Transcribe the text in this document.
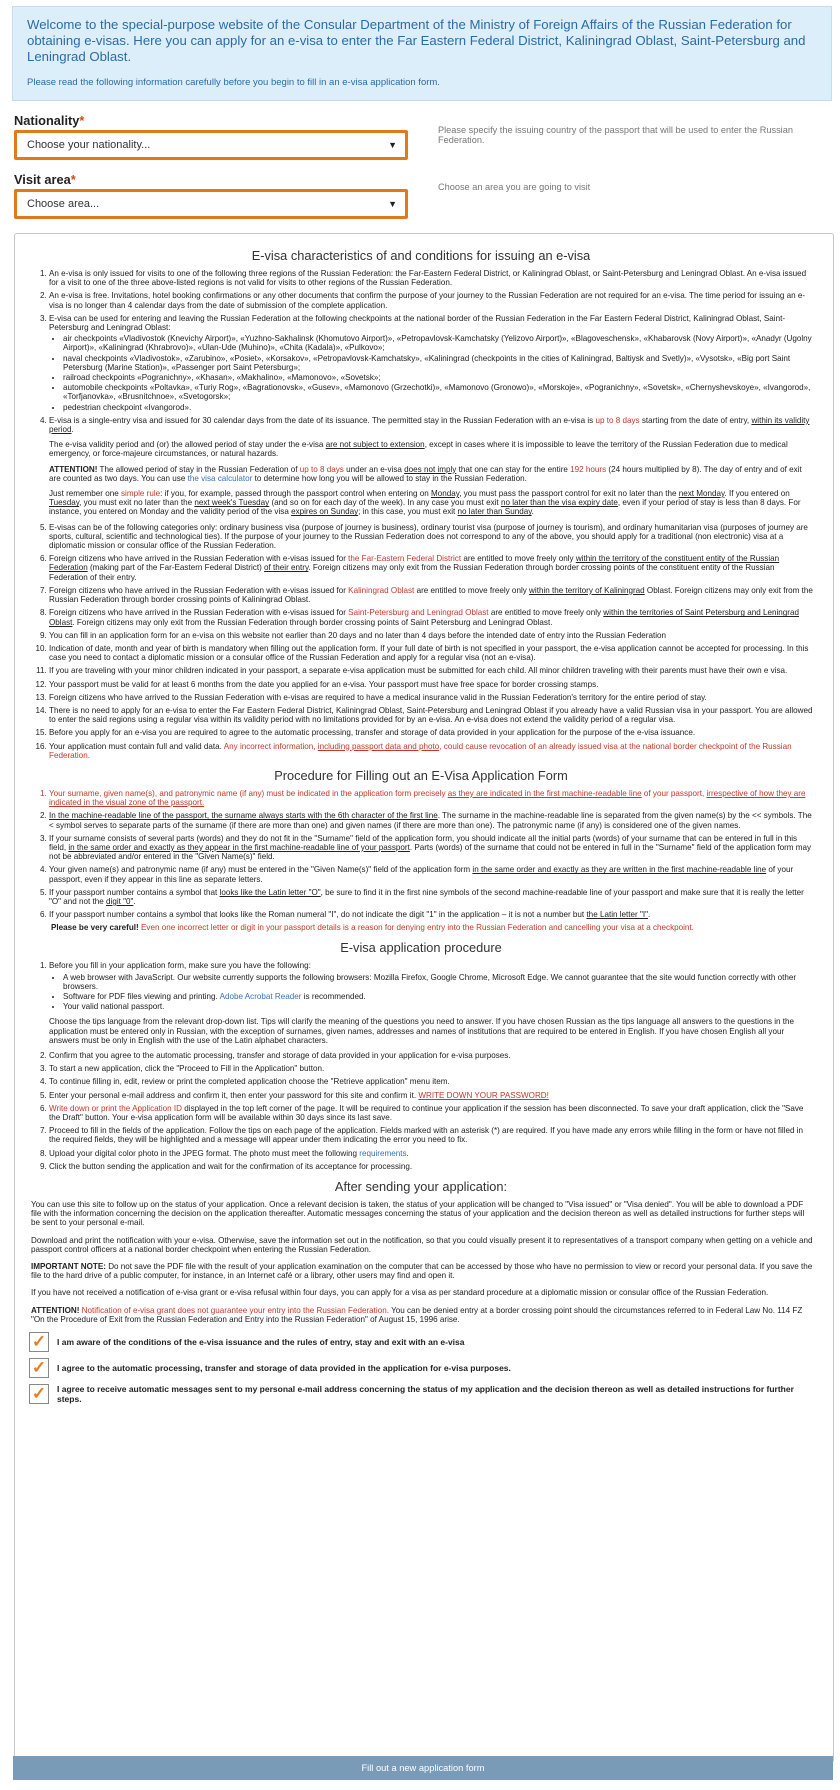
Welcome to the special-purpose website of the Consular Department of the Ministry of Foreign Affairs of the Russian Federation for obtaining e-visas. Here you can apply for an e-visa to enter the Far Eastern Federal District, Kaliningrad Oblast, Saint-Petersburg and Leningrad Oblast.
Please read the following information carefully before you begin to fill in an e-visa application form.
Nationality*
Choose your nationality...	▼
Please specify the issuing country of the passport that will be used to enter the Russian Federation.
Visit area*
Choose area...	▼
Choose an area you are going to visit
E-visa characteristics of and conditions for issuing an e-visa
1. An e-visa is only issued for visits to one of the following three regions of the Russian Federation: the Far-Eastern Federal District, or Kaliningrad Oblast, or Saint-Petersburg and Leningrad Oblast. An e-visa issued for a visit to one of the three above-listed regions is not valid for visits to other regions of the Russian Federation.
2. An e-visa is free. Invitations, hotel booking confirmations or any other documents that confirm the purpose of your journey to the Russian Federation are not required for an e-visa. The time period for issuing an e-visa is no longer than 4 calendar days from the date of submission of the complete application.
3. E-visa can be used for entering and leaving the Russian Federation at the following checkpoints at the national border of the Russian Federation in the Far Eastern Federal District, Kaliningrad Oblast, Saint-Petersburg and Leningrad Oblast:
• air checkpoints «Vladivostok (Knevichy Airport)», «Yuzhno-Sakhalinsk (Khomutovo Airport)», «Petropavlovsk-Kamchatsky (Yelizovo Airport)», «Blagoveschensk», «Khabarovsk (Novy Airport)», «Anadyr (Ugolny Airport)», «Kaliningrad (Khrabrovo)», «Ulan-Ude (Muhino)», «Chita (Kadala)», «Pulkovo»;
• naval checkpoints «Vladivostok», «Zarubino», «Posiet», «Korsakov», «Petropavlovsk-Kamchatsky», «Kaliningrad (checkpoints in the cities of Kaliningrad, Baltiysk and Svetly)», «Vysotsk», «Big port Saint Petersburg (Marine Station)», «Passenger port Saint Petersburg»;
• railroad checkpoints «Pogranichny», «Khasan», «Makhalino», «Mamonovo», «Sovetsk»;
• automobile checkpoints «Poltavka», «Turiy Rog», «Bagrationovsk», «Gusev», «Mamonovo (Grzechotki)», «Mamonovo (Gronowo)», «Morskoje», «Pogranichny», «Sovetsk», «Chernyshevskoye», «Ivangorod», «Torfjanovka», «Brusnitchnoe», «Svetogorsk»;
• pedestrian checkpoint «Ivangorod».
4. E-visa is a single-entry visa and issued for 30 calendar days from the date of its issuance. The permitted stay in the Russian Federation with an e-visa is up to 8 days starting from the date of entry, within its validity period.
The e-visa validity period and (or) the allowed period of stay under the e-visa are not subject to extension, except in cases where it is impossible to leave the territory of the Russian Federation due to medical emergency, or force-majeure circumstances, or natural hazards.
ATTENTION! The allowed period of stay in the Russian Federation of up to 8 days under an e-visa does not imply that one can stay for the entire 192 hours (24 hours multiplied by 8). The day of entry and of exit are counted as two days. You can use the visa calculator to determine how long you will be allowed to stay in the Russian Federation.
Just remember one simple rule: if you, for example, passed through the passport control when entering on Monday, you must pass the passport control for exit no later than the next Monday. If you entered on Tuesday, you must exit no later than the next week's Tuesday (and so on for each day of the week). In any case you must exit no later than the visa expiry date, even if your period of stay is less than 8 days. For instance, you entered on Monday and the validity period of the visa expires on Sunday; in this case, you must exit no later than Sunday.
5. E-visas can be of the following categories only: ordinary business visa (purpose of journey is business), ordinary tourist visa (purpose of journey is tourism), and ordinary humanitarian visa (purposes of journey are sports, cultural, scientific and technological ties). If the purpose of your journey to the Russian Federation does not correspond to any of the above, you should apply for a traditional (non electronic) visa at a diplomatic mission or consular office of the Russian Federation.
6. Foreign citizens who have arrived in the Russian Federation with e-visas issued for the Far-Eastern Federal District are entitled to move freely only within the territory of the constituent entity of the Russian Federation (making part of the Far-Eastern Federal District) of their entry. Foreign citizens may only exit from the Russian Federation through border crossing points of the constituent entity of the Russian Federation of their entry.
7. Foreign citizens who have arrived in the Russian Federation with e-visas issued for Kaliningrad Oblast are entitled to move freely only within the territory of Kaliningrad Oblast. Foreign citizens may only exit from the Russian Federation through border crossing points of Kaliningrad Oblast.
8. Foreign citizens who have arrived in the Russian Federation with e-visas issued for Saint-Petersburg and Leningrad Oblast are entitled to move freely only within the territories of Saint Petersburg and Leningrad Oblast. Foreign citizens may only exit from the Russian Federation through border crossing points of Saint Petersburg and Leningrad Oblast.
9. You can fill in an application form for an e-visa on this website not earlier than 20 days and no later than 4 days before the intended date of entry into the Russian Federation
10. Indication of date, month and year of birth is mandatory when filling out the application form. If your full date of birth is not specified in your passport, the e-visa application cannot be accepted for processing. In this case you need to contact a diplomatic mission or a consular office of the Russian Federation and apply for a regular visa (not an e-visa).
11. If you are traveling with your minor children indicated in your passport, a separate e-visa application must be submitted for each child. All minor children traveling with their parents must have their own e visa.
12. Your passport must be valid for at least 6 months from the date you applied for an e-visa. Your passport must have free space for border crossing stamps.
13. Foreign citizens who have arrived to the Russian Federation with e-visas are required to have a medical insurance valid in the Russian Federation's territory for the entire period of stay.
14. There is no need to apply for an e-visa to enter the Far Eastern Federal District, Kaliningrad Oblast, Saint-Petersburg and Leningrad Oblast if you already have a valid Russian visa in your passport. You are allowed to enter the said regions using a regular visa within its validity period with no limitations provided for by an e-visa. An e-visa does not extend the validity period of a regular visa.
15. Before you apply for an e-visa you are required to agree to the automatic processing, transfer and storage of data provided in your application for the purpose of the e-visa issuance.
16. Your application must contain full and valid data. Any incorrect information, including passport data and photo, could cause revocation of an already issued visa at the national border checkpoint of the Russian Federation.
Procedure for Filling out an E-Visa Application Form
1. Your surname, given name(s), and patronymic name (if any) must be indicated in the application form precisely as they are indicated in the first machine-readable line of your passport, irrespective of how they are indicated in the visual zone of the passport.
2. In the machine-readable line of the passport, the surname always starts with the 6th character of the first line. The surname in the machine-readable line is separated from the given name(s) by the << symbols. The < symbol serves to separate parts of the surname (if there are more than one) and given names (if there are more than one). The patronymic name (if any) is considered one of the given names.
3. If your surname consists of several parts (words) and they do not fit in the "Surname" field of the application form, you should indicate all the initial parts (words) of your surname that can be entered in full in this field, in the same order and exactly as they appear in the first machine-readable line of your passport. Parts (words) of the surname that could not be entered in full in the "Surname" field of the application form may not be abbreviated and/or entered in the "Given Name(s)" field.
4. Your given name(s) and patronymic name (if any) must be entered in the "Given Name(s)" field of the application form in the same order and exactly as they are written in the first machine-readable line of your passport, even if they appear in this line as separate letters.
5. If your passport number contains a symbol that looks like the Latin letter "O", be sure to find it in the first nine symbols of the second machine-readable line of your passport and make sure that it is really the letter "O" and not the digit "0".
6. If your passport number contains a symbol that looks like the Roman numeral "I", do not indicate the digit "1" in the application – it is not a number but the Latin letter "I".
Please be very careful! Even one incorrect letter or digit in your passport details is a reason for denying entry into the Russian Federation and cancelling your visa at a checkpoint.
E-visa application procedure
1. Before you fill in your application form, make sure you have the following:
• A web browser with JavaScript. Our website currently supports the following browsers: Mozilla Firefox, Google Chrome, Microsoft Edge. We cannot guarantee that the site would function correctly with other browsers.
• Software for PDF files viewing and printing. Adobe Acrobat Reader is recommended.
• Your valid national passport.
Choose the tips language from the relevant drop-down list. Tips will clarify the meaning of the questions you need to answer. If you have chosen Russian as the tips language all answers to the questions in the application must be entered only in Russian, with the exception of surnames, given names, addresses and names of institutions that are required to be entered in English. If you have chosen English all your answers must be only in English with the use of the Latin alphabet characters.
2. Confirm that you agree to the automatic processing, transfer and storage of data provided in your application for e-visa purposes.
3. To start a new application, click the "Proceed to Fill in the Application" button.
4. To continue filling in, edit, review or print the completed application choose the "Retrieve application" menu item.
5. Enter your personal e-mail address and confirm it, then enter your password for this site and confirm it. WRITE DOWN YOUR PASSWORD!
6. Write down or print the Application ID displayed in the top left corner of the page. It will be required to continue your application if the session has been disconnected. To save your draft application, click the "Save the Draft" button. Your e-visa application form will be available within 30 days since its last save.
7. Proceed to fill in the fields of the application. Follow the tips on each page of the application. Fields marked with an asterisk (*) are required. If you have made any errors while filling in the form or have not filled in the required fields, they will be highlighted and a message will appear under them indicating the error you need to fix.
8. Upload your digital color photo in the JPEG format. The photo must meet the following requirements.
9. Click the button sending the application and wait for the confirmation of its acceptance for processing.
After sending your application:
You can use this site to follow up on the status of your application. Once a relevant decision is taken, the status of your application will be changed to "Visa issued" or "Visa denied". You will be able to download a PDF file with the information concerning the decision on the application thereafter. Automatic messages concerning the status of your application and the decision thereon as well as detailed instructions for further steps will be sent to your personal e-mail.
Download and print the notification with your e-visa. Otherwise, save the information set out in the notification, so that you could visually present it to representatives of a transport company when getting on a vehicle and passport control officers at a national border checkpoint when entering the Russian Federation.
IMPORTANT NOTE: Do not save the PDF file with the result of your application examination on the computer that can be accessed by those who have no permission to view or record your personal data. If you save the file to the hard drive of a public computer, for instance, in an Internet café or a library, other users may find and open it.
If you have not received a notification of e-visa grant or e-visa refusal within four days, you can apply for a visa as per standard procedure at a diplomatic mission or consular office of the Russian Federation.
ATTENTION! Notification of e-visa grant does not guarantee your entry into the Russian Federation. You can be denied entry at a border crossing point should the circumstances referred to in Federal Law No. 114 FZ "On the Procedure of Exit from the Russian Federation and Entry into the Russian Federation" of August 15, 1996 arise.
✓	I am aware of the conditions of the e-visa issuance and the rules of entry, stay and exit with an e-visa
✓	I agree to the automatic processing, transfer and storage of data provided in the application for e-visa purposes.
✓	I agree to receive automatic messages sent to my personal e-mail address concerning the status of my application and the decision thereon as well as detailed instructions for further steps.
Fill out a new application form
